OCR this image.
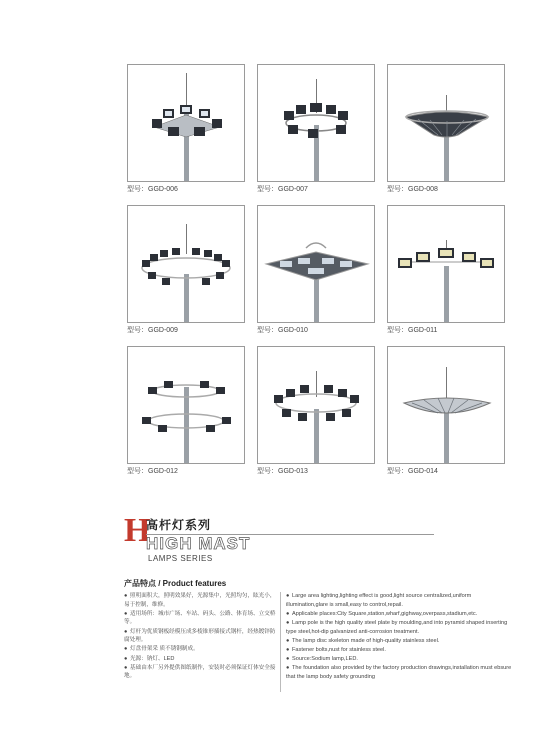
型号：GGD-006	型号：GGD-007	型号：GGD-008
型号：GGD-009	型号：GGD-010	型号：GGD-011
型号：GGD-012	型号：GGD-013	型号：GGD-014
H
高杆灯系列
HIGH MAST
LAMPS SERIES
产品特点 / Product features
● 照明面积大，照明效果好，光源集中，光照均匀，眩光小，易于控制，维修。
● 适用场所：城市广场、车站、码头、公路、体育场、立交桥等。
● 灯杆为优质钢板经模压成多棱锥形插接式钢杆，经热镀锌防腐处理。
● 灯盘骨架采 质不锈钢制成。
● 光源：钠灯、LED
● 基础由本厂另外提供图纸制作，安装时必须保证灯体安全接地。
● Large area lighting,lighting effect is good,light source centralized,uniform illumination,glare is small,easy to control,repail.
● Applicable places:City Square,station,wharf,gighway,overpass,stadium,etc.
● Lamp pole is the high quality steel plate by moulding,and into pyramid shaped inserting type steel,hot-dip galvanized anti-corrosion treatment.
● The lamp disc skeleton made of high-quality stainless steel.
● Fastener bolts,nust for stainless steel.
● Source:Sodium lamp,LED.
● The foundation also provided by the factory production drawings,installation must ebsure that the lamp body safety grounding
